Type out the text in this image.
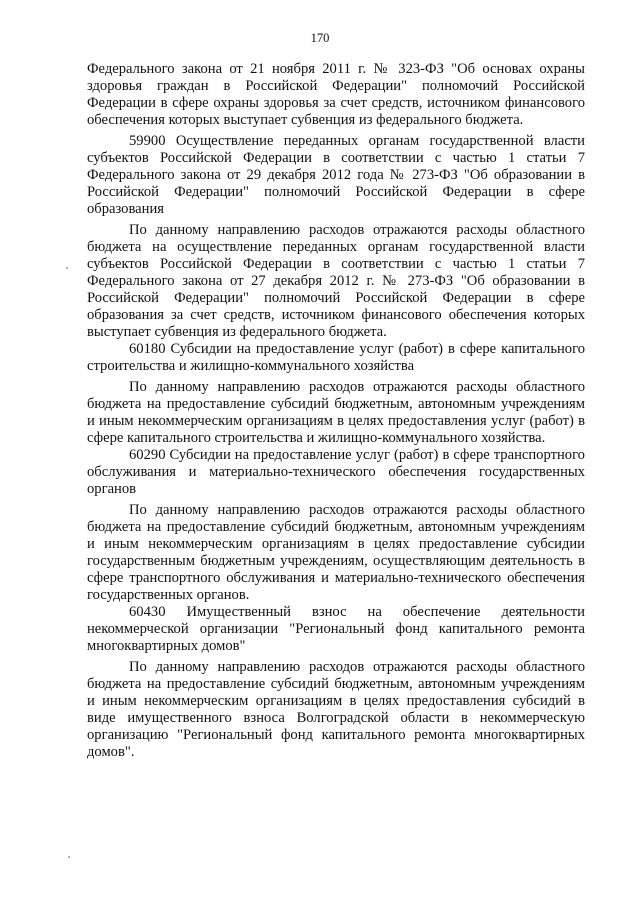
170

Федерального закона от 21 ноября 2011 г. № 323-ФЗ "Об основах охраны здоровья граждан в Российской Федерации" полномочий Российской Федерации в сфере охраны здоровья за счет средств, источником финансового обеспечения которых выступает субвенция из федерального бюджета.

59900 Осуществление переданных органам государственной власти субъектов Российской Федерации в соответствии с частью 1 статьи 7 Федерального закона от 29 декабря 2012 года № 273-ФЗ "Об образовании в Российской Федерации" полномочий Российской Федерации в сфере образования

По данному направлению расходов отражаются расходы областного бюджета на осуществление переданных органам государственной власти субъектов Российской Федерации в соответствии с частью 1 статьи 7 Федерального закона от 27 декабря 2012 г. № 273-ФЗ "Об образовании в Российской Федерации" полномочий Российской Федерации в сфере образования за счет средств, источником финансового обеспечения которых выступает субвенция из федерального бюджета.

60180 Субсидии на предоставление услуг (работ) в сфере капитального строительства и жилищно-коммунального хозяйства

По данному направлению расходов отражаются расходы областного бюджета на предоставление субсидий бюджетным, автономным учреждениям и иным некоммерческим организациям в целях предоставления услуг (работ) в сфере капитального строительства и жилищно-коммунального хозяйства.

60290 Субсидии на предоставление услуг (работ) в сфере транспортного обслуживания и материально-технического обеспечения государственных органов

По данному направлению расходов отражаются расходы областного бюджета на предоставление субсидий бюджетным, автономным учреждениям и иным некоммерческим организациям в целях предоставление субсидии государственным бюджетным учреждениям, осуществляющим деятельность в сфере транспортного обслуживания и материально-технического обеспечения государственных органов.

60430 Имущественный взнос на обеспечение деятельности некоммерческой организации "Региональный фонд капитального ремонта многоквартирных домов"

По данному направлению расходов отражаются расходы областного бюджета на предоставление субсидий бюджетным, автономным учреждениям и иным некоммерческим организациям в целях предоставления субсидий в виде имущественного взноса Волгоградской области в некоммерческую организацию "Региональный фонд капитального ремонта многоквартирных домов".
